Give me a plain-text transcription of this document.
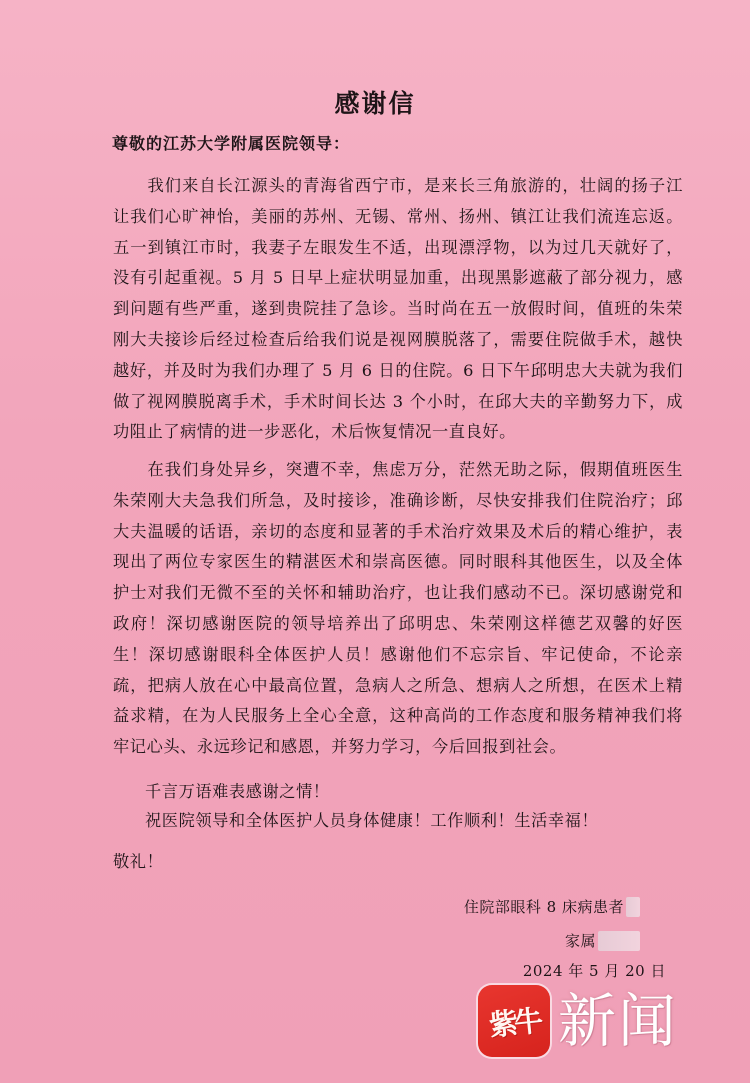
感谢信
尊敬的江苏大学附属医院领导：
我们来自长江源头的青海省西宁市，是来长三角旅游的，壮阔的扬子江让我们心旷神怡，美丽的苏州、无锡、常州、扬州、镇江让我们流连忘返。五一到镇江市时，我妻子左眼发生不适，出现漂浮物，以为过几天就好了，没有引起重视。5 月 5 日早上症状明显加重，出现黑影遮蔽了部分视力，感到问题有些严重，遂到贵院挂了急诊。当时尚在五一放假时间，值班的朱荣刚大夫接诊后经过检查后给我们说是视网膜脱落了，需要住院做手术，越快越好，并及时为我们办理了 5 月 6 日的住院。6 日下午邱明忠大夫就为我们做了视网膜脱离手术，手术时间长达 3 个小时，在邱大夫的辛勤努力下，成功阻止了病情的进一步恶化，术后恢复情况一直良好。
在我们身处异乡，突遭不幸，焦虑万分，茫然无助之际，假期值班医生朱荣刚大夫急我们所急，及时接诊，准确诊断，尽快安排我们住院治疗；邱大夫温暖的话语，亲切的态度和显著的手术治疗效果及术后的精心维护，表现出了两位专家医生的精湛医术和崇高医德。同时眼科其他医生，以及全体护士对我们无微不至的关怀和辅助治疗，也让我们感动不已。深切感谢党和政府！深切感谢医院的领导培养出了邱明忠、朱荣刚这样德艺双馨的好医生！深切感谢眼科全体医护人员！感谢他们不忘宗旨、牢记使命，不论亲疏，把病人放在心中最高位置，急病人之所急、想病人之所想，在医术上精益求精，在为人民服务上全心全意，这种高尚的工作态度和服务精神我们将牢记心头、永远珍记和感恩，并努力学习，今后回报到社会。
千言万语难表感谢之情！
祝医院领导和全体医护人员身体健康！工作顺利！生活幸福！
敬礼！
住院部眼科 8 床病患者
家属
2024 年 5 月 20 日
紫牛 新闻
